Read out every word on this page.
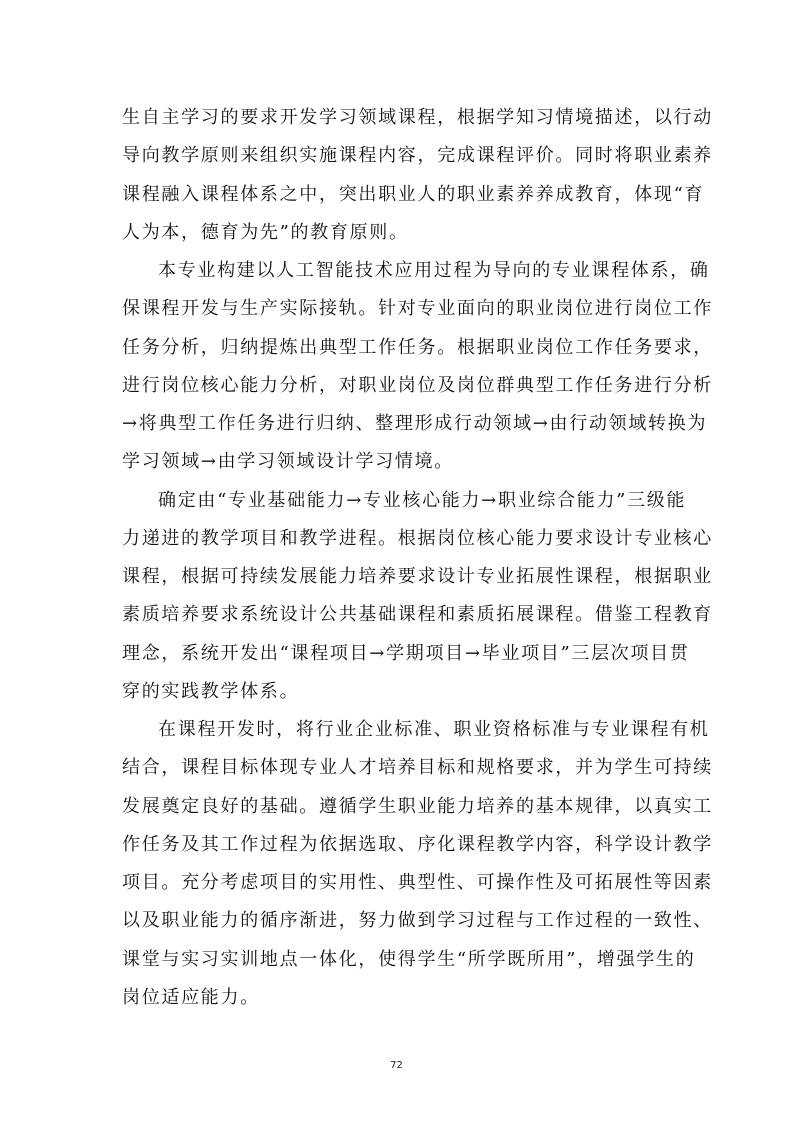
生自主学习的要求开发学习领域课程，根据学知习情境描述，以行动
导向教学原则来组织实施课程内容，完成课程评价。同时将职业素养
课程融入课程体系之中，突出职业人的职业素养养成教育，体现“育
人为本，德育为先”的教育原则。
本专业构建以人工智能技术应用过程为导向的专业课程体系，确
保课程开发与生产实际接轨。针对专业面向的职业岗位进行岗位工作
任务分析，归纳提炼出典型工作任务。根据职业岗位工作任务要求，
进行岗位核心能力分析，对职业岗位及岗位群典型工作任务进行分析
→将典型工作任务进行归纳、整理形成行动领域→由行动领域转换为
学习领域→由学习领域设计学习情境。
确定由“专业基础能力→专业核心能力→职业综合能力”三级能
力递进的教学项目和教学进程。根据岗位核心能力要求设计专业核心
课程，根据可持续发展能力培养要求设计专业拓展性课程，根据职业
素质培养要求系统设计公共基础课程和素质拓展课程。借鉴工程教育
理念，系统开发出“课程项目→学期项目→毕业项目”三层次项目贯
穿的实践教学体系。
在课程开发时，将行业企业标准、职业资格标准与专业课程有机
结合，课程目标体现专业人才培养目标和规格要求，并为学生可持续
发展奠定良好的基础。遵循学生职业能力培养的基本规律，以真实工
作任务及其工作过程为依据选取、序化课程教学内容，科学设计教学
项目。充分考虑项目的实用性、典型性、可操作性及可拓展性等因素
以及职业能力的循序渐进，努力做到学习过程与工作过程的一致性、
课堂与实习实训地点一体化，使得学生“所学既所用”，增强学生的
岗位适应能力。
72
